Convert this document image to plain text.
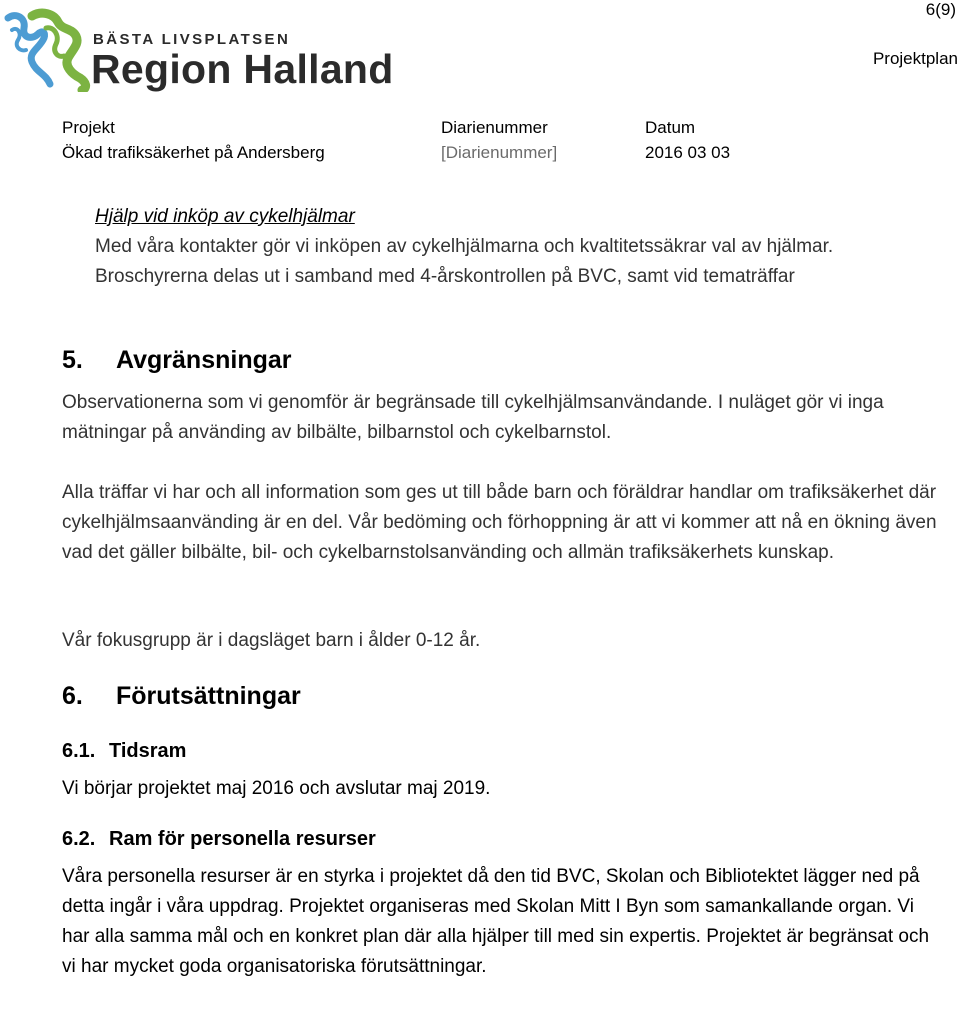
BÄSTA LIVSPLATSEN
Region Halland
6(9)
Projektplan
Projekt
Ökad trafiksäkerhet på Andersberg
Diarienummer
[Diarienummer]
Datum
2016 03 03
Hjälp vid inköp av cykelhjälmar

Med våra kontakter gör vi inköpen av cykelhjälmarna och kvaltitetssäkrar val av hjälmar. Broschyrerna delas ut i samband med 4-årskontrollen på BVC, samt vid tematräffar

5. Avgränsningar

Observationerna som vi genomför är begränsade till cykelhjälmsanvändande. I nuläget gör vi inga mätningar på använding av bilbälte, bilbarnstol och cykelbarnstol.

Alla träffar vi har och all information som ges ut till både barn och föräldrar handlar om trafiksäkerhet där cykelhjälmsaanvänding är en del. Vår bedöming och förhoppning är att vi kommer att nå en ökning även vad det gäller bilbälte, bil- och cykelbarnstolsanvänding och allmän trafiksäkerhets kunskap.

Vår fokusgrupp är i dagsläget barn i ålder 0-12 år.

6. Förutsättningar
6.1. Tidsram

Vi börjar projektet maj 2016 och avslutar maj 2019.

6.2. Ram för personella resurser

Våra personella resurser är en styrka i projektet då den tid BVC, Skolan och Bibliotektet lägger ned på detta ingår i våra uppdrag. Projektet organiseras med Skolan Mitt I Byn som samankallande organ. Vi har alla samma mål och en konkret plan där alla hjälper till med sin expertis. Projektet är begränsat och vi har mycket goda organisatoriska förutsättningar.
